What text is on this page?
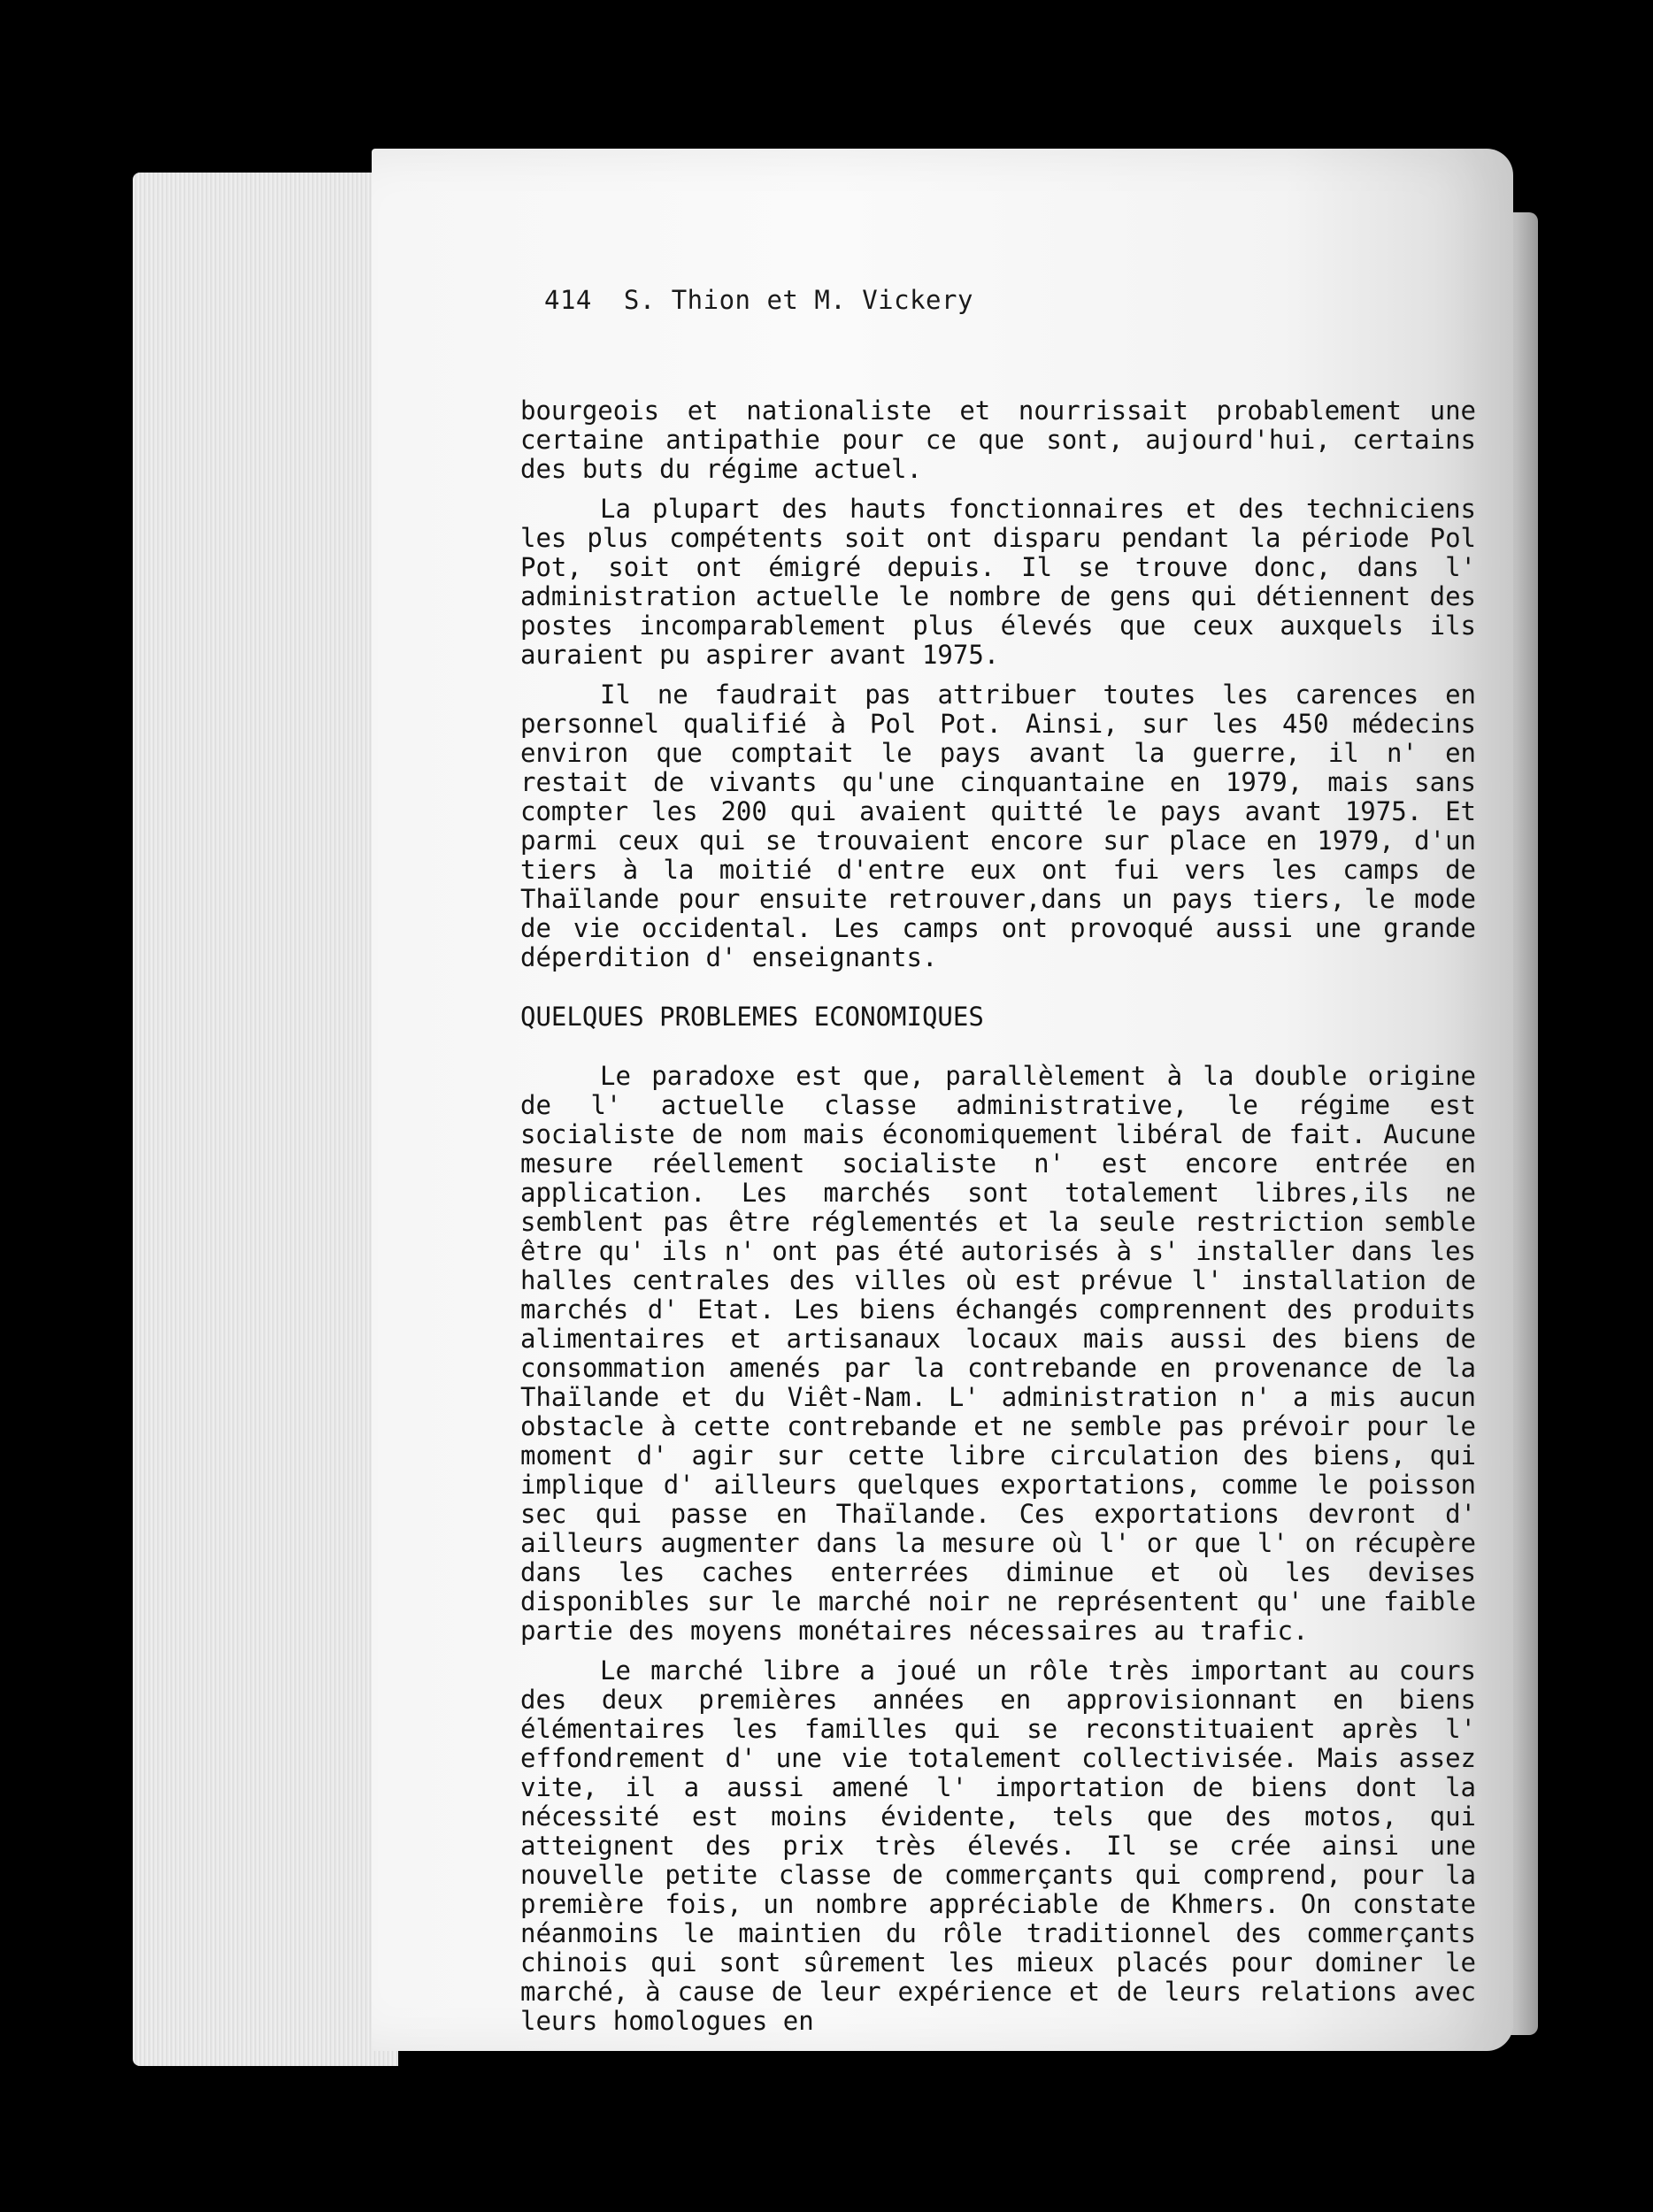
414 S. Thion et M. Vickery

bourgeois et nationaliste et nourrissait probablement une certaine antipathie pour ce que sont, aujourd'hui, certains des buts du régime actuel.

La plupart des hauts fonctionnaires et des techniciens les plus compétents soit ont disparu pendant la période Pol Pot, soit ont émigré depuis. Il se trouve donc, dans l' administration actuelle le nombre de gens qui détiennent des postes incomparablement plus élevés que ceux auxquels ils auraient pu aspirer avant 1975.

Il ne faudrait pas attribuer toutes les carences en personnel qualifié à Pol Pot. Ainsi, sur les 450 médecins environ que comptait le pays avant la guerre, il n' en restait de vivants qu'une cinquantaine en 1979, mais sans compter les 200 qui avaient quitté le pays avant 1975. Et parmi ceux qui se trouvaient encore sur place en 1979, d'un tiers à la moitié d'entre eux ont fui vers les camps de Thaïlande pour ensuite retrouver,dans un pays tiers, le mode de vie occidental. Les camps ont provoqué aussi une grande déperdition d' enseignants.

QUELQUES PROBLEMES ECONOMIQUES

Le paradoxe est que, parallèlement à la double origine de l' actuelle classe administrative, le régime est socialiste de nom mais économiquement libéral de fait. Aucune mesure réellement socialiste n' est encore entrée en application. Les marchés sont totalement libres,ils ne semblent pas être réglementés et la seule restriction semble être qu' ils n' ont pas été autorisés à s' installer dans les halles centrales des villes où est prévue l' installation de marchés d' Etat. Les biens échangés comprennent des produits alimentaires et artisanaux locaux mais aussi des biens de consommation amenés par la contrebande en provenance de la Thaïlande et du Viêt-Nam. L' administration n' a mis aucun obstacle à cette contrebande et ne semble pas prévoir pour le moment d' agir sur cette libre circulation des biens, qui implique d' ailleurs quelques exportations, comme le poisson sec qui passe en Thaïlande. Ces exportations devront d' ailleurs augmenter dans la mesure où l' or que l' on récupère dans les caches enterrées diminue et où les devises disponibles sur le marché noir ne représentent qu' une faible partie des moyens monétaires nécessaires au trafic.

Le marché libre a joué un rôle très important au cours des deux premières années en approvisionnant en biens élémentaires les familles qui se reconstituaient après l' effondrement d' une vie totalement collectivisée. Mais assez vite, il a aussi amené l' importation de biens dont la nécessité est moins évidente, tels que des motos, qui atteignent des prix très élevés. Il se crée ainsi une nouvelle petite classe de commerçants qui comprend, pour la première fois, un nombre appréciable de Khmers. On constate néanmoins le maintien du rôle traditionnel des commerçants chinois qui sont sûrement les mieux placés pour dominer le marché, à cause de leur expérience et de leurs relations avec leurs homologues en
